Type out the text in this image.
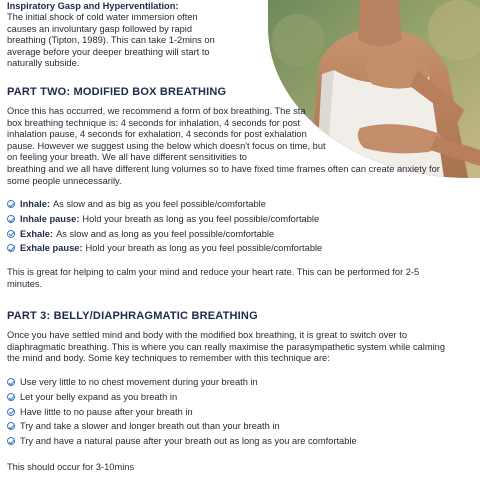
Inspiratory Gasp and Hyperventilation:
The initial shock of cold water immersion often
causes an involuntary gasp followed by rapid
breathing (Tipton, 1989). This can take 1-2mins on
average before your deeper breathing will start to
naturally subside.
PART TWO: MODIFIED BOX BREATHING
Once this has occurred, we recommend a form of box breathing. The sta
box breathing technique is: 4 seconds for inhalation, 4 seconds for post
inhalation pause, 4 seconds for exhalation, 4 seconds for post exhalation
pause. However we suggest using the below which doesn't focus on time, but
on feeling your breath. We all have different sensitivities to
breathing and we all have different lung volumes so to have fixed time frames often can create anxiety for
some people unnecessarily.
Inhale: As slow and as big as you feel possible/comfortable
Inhale pause: Hold your breath as long as you feel possible/comfortable
Exhale: As slow and as long as you feel possible/comfortable
Exhale pause: Hold your breath as long as you feel possible/comfortable
This is great for helping to calm your mind and reduce your heart rate. This can be performed for 2-5
minutes.
PART 3: BELLY/DIAPHRAGMATIC BREATHING
Once you have settled mind and body with the modified box breathing, it is great to switch over to
diaphragmatic breathing. This is where you can really maximise the parasympathetic system while calming
the mind and body. Some key techniques to remember with this technique are:
Use very little to no chest movement during your breath in
Let your belly expand as you breath in
Have little to no pause after your breath in
Try and take a slower and longer breath out than your breath in
Try and have a natural pause after your breath out as long as you are comfortable
This should occur for 3-10mins
